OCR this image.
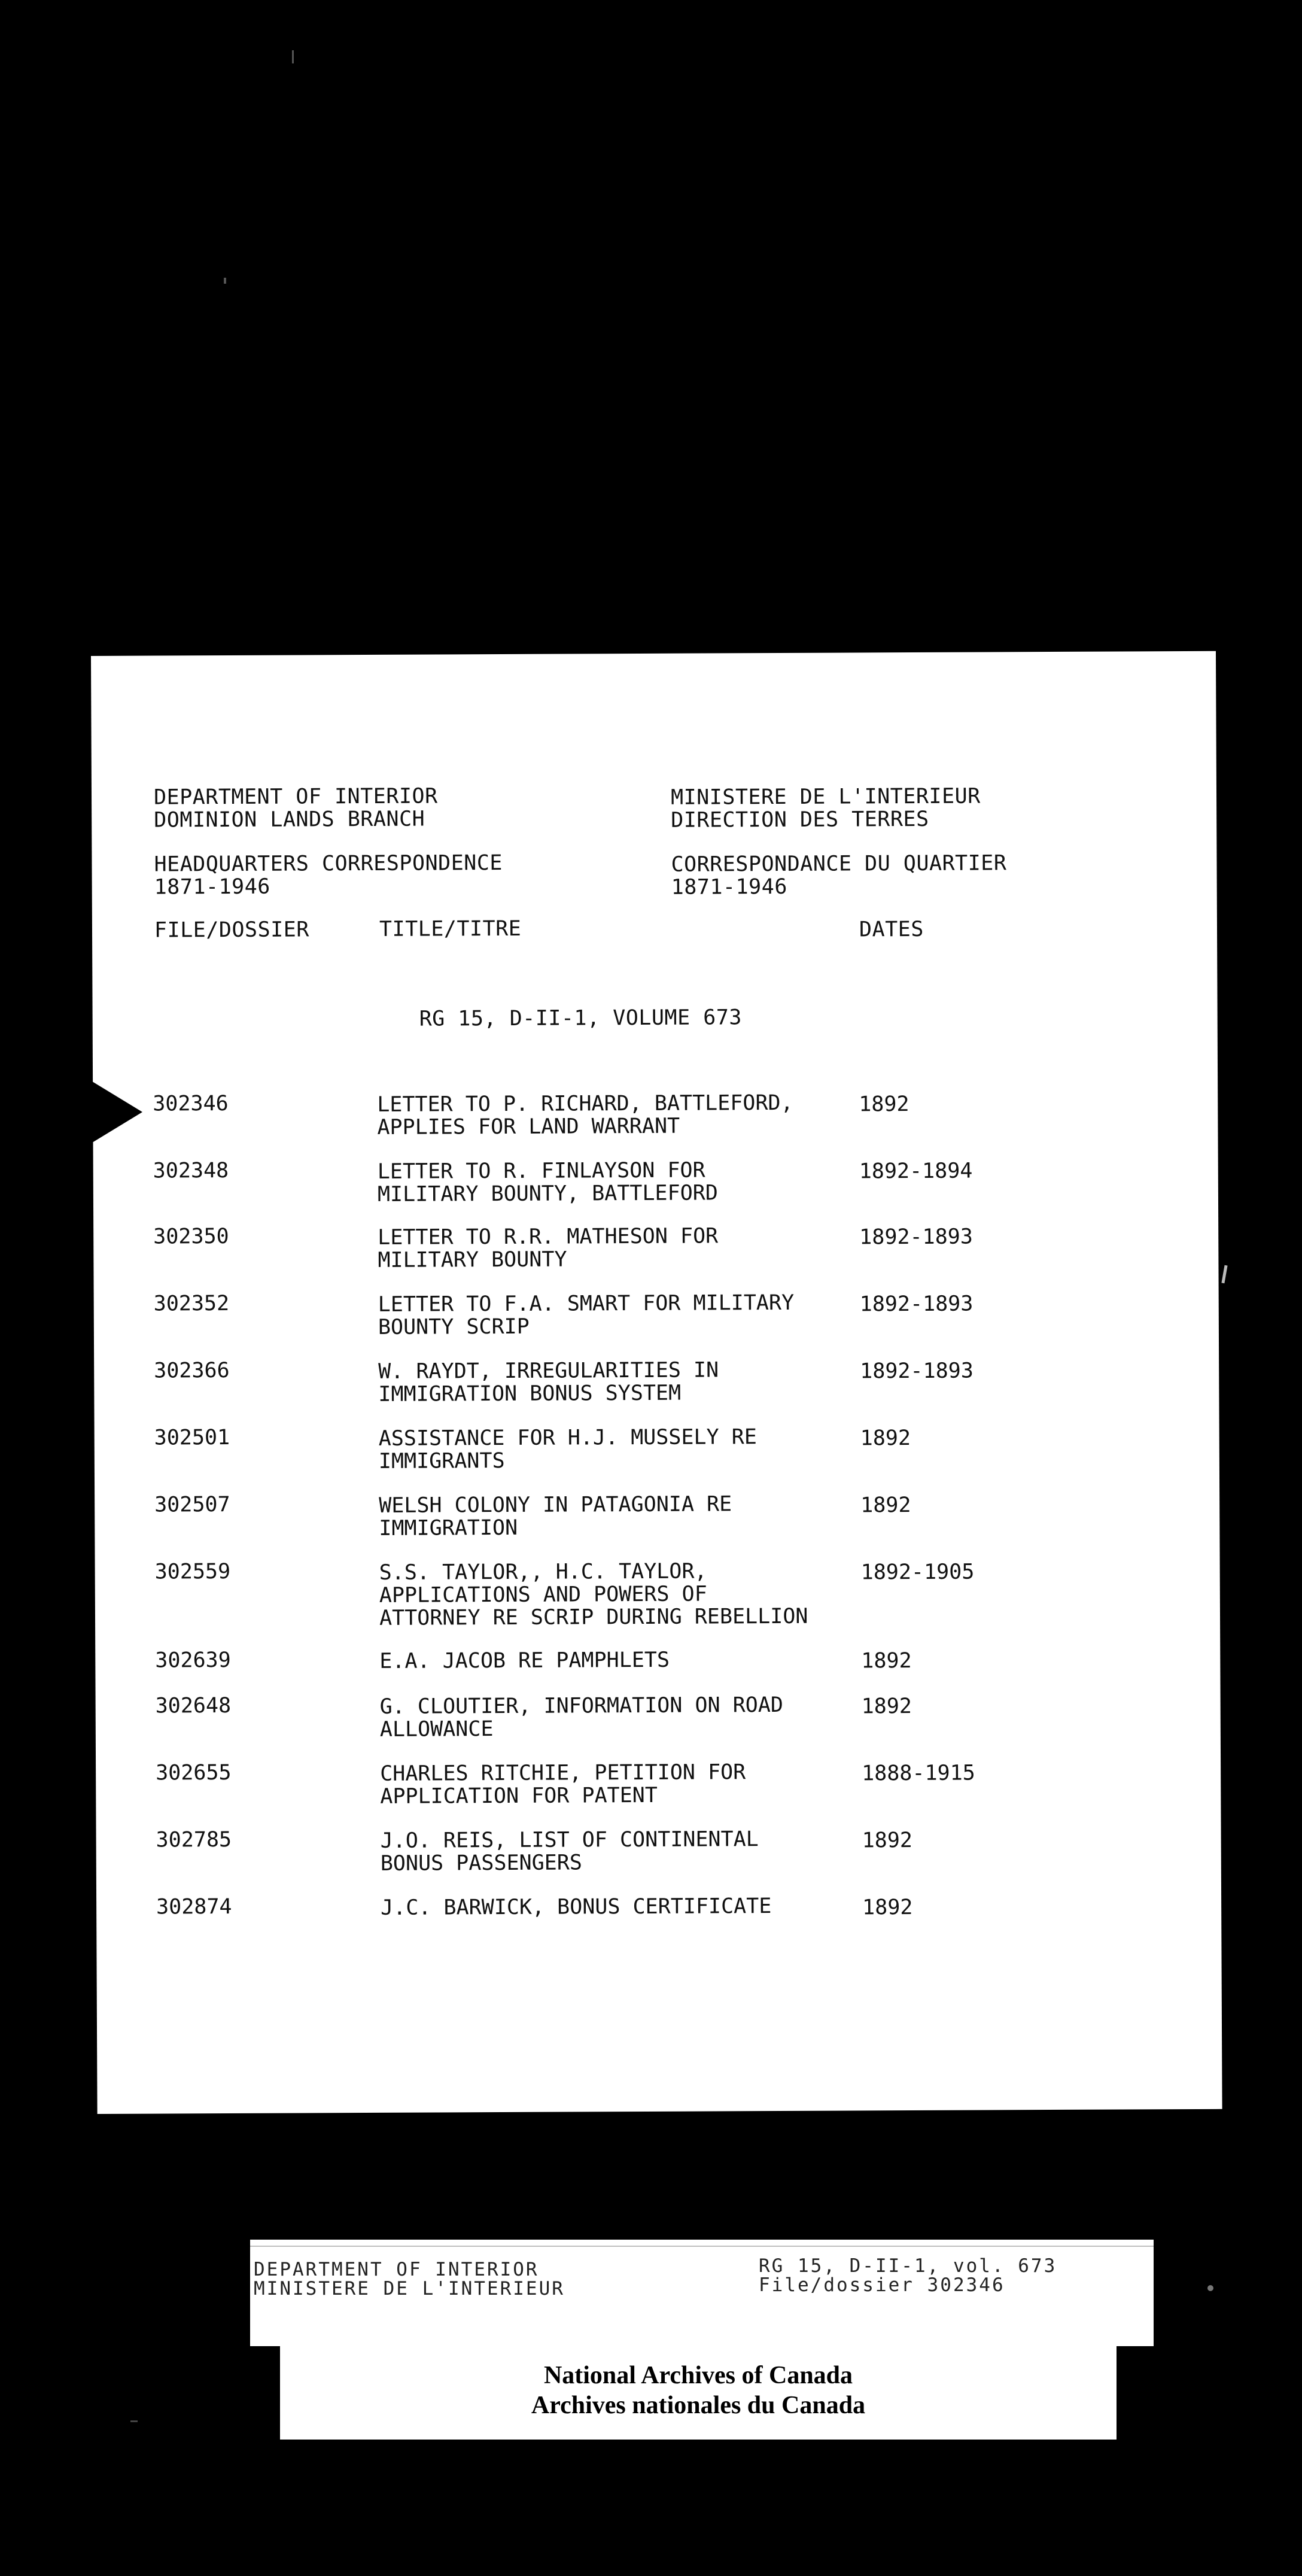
DEPARTMENT OF INTERIOR
DOMINION LANDS BRANCH
HEADQUARTERS CORRESPONDENCE
1871-1946
MINISTERE DE L'INTERIEUR
DIRECTION DES TERRES
CORRESPONDANCE DU QUARTIER
1871-1946
FILE/DOSSIER	TITLE/TITRE	DATES
RG 15, D-II-1, VOLUME 673
302346	LETTER TO P. RICHARD, BATTLEFORD,
APPLIES FOR LAND WARRANT
1892
302348	LETTER TO R. FINLAYSON FOR
MILITARY BOUNTY, BATTLEFORD
1892-1894
302350	LETTER TO R.R. MATHESON FOR
MILITARY BOUNTY
1892-1893
302352	LETTER TO F.A. SMART FOR MILITARY
BOUNTY SCRIP
1892-1893
302366	W. RAYDT, IRREGULARITIES IN
IMMIGRATION BONUS SYSTEM
1892-1893
302501	ASSISTANCE FOR H.J. MUSSELY RE
IMMIGRANTS
1892
302507	WELSH COLONY IN PATAGONIA RE
IMMIGRATION
1892
302559	S.S. TAYLOR,, H.C. TAYLOR,
APPLICATIONS AND POWERS OF
ATTORNEY RE SCRIP DURING REBELLION
1892-1905
302639	E.A. JACOB RE PAMPHLETS	1892
302648	G. CLOUTIER, INFORMATION ON ROAD
ALLOWANCE
1892
302655	CHARLES RITCHIE, PETITION FOR
APPLICATION FOR PATENT
1888-1915
302785	J.O. REIS, LIST OF CONTINENTAL
BONUS PASSENGERS
1892
302874	J.C. BARWICK, BONUS CERTIFICATE	1892
DEPARTMENT OF INTERIOR
MINISTERE DE L'INTERIEUR
RG 15, D-II-1, vol. 673
File/dossier 302346
National Archives of Canada
Archives nationales du Canada
